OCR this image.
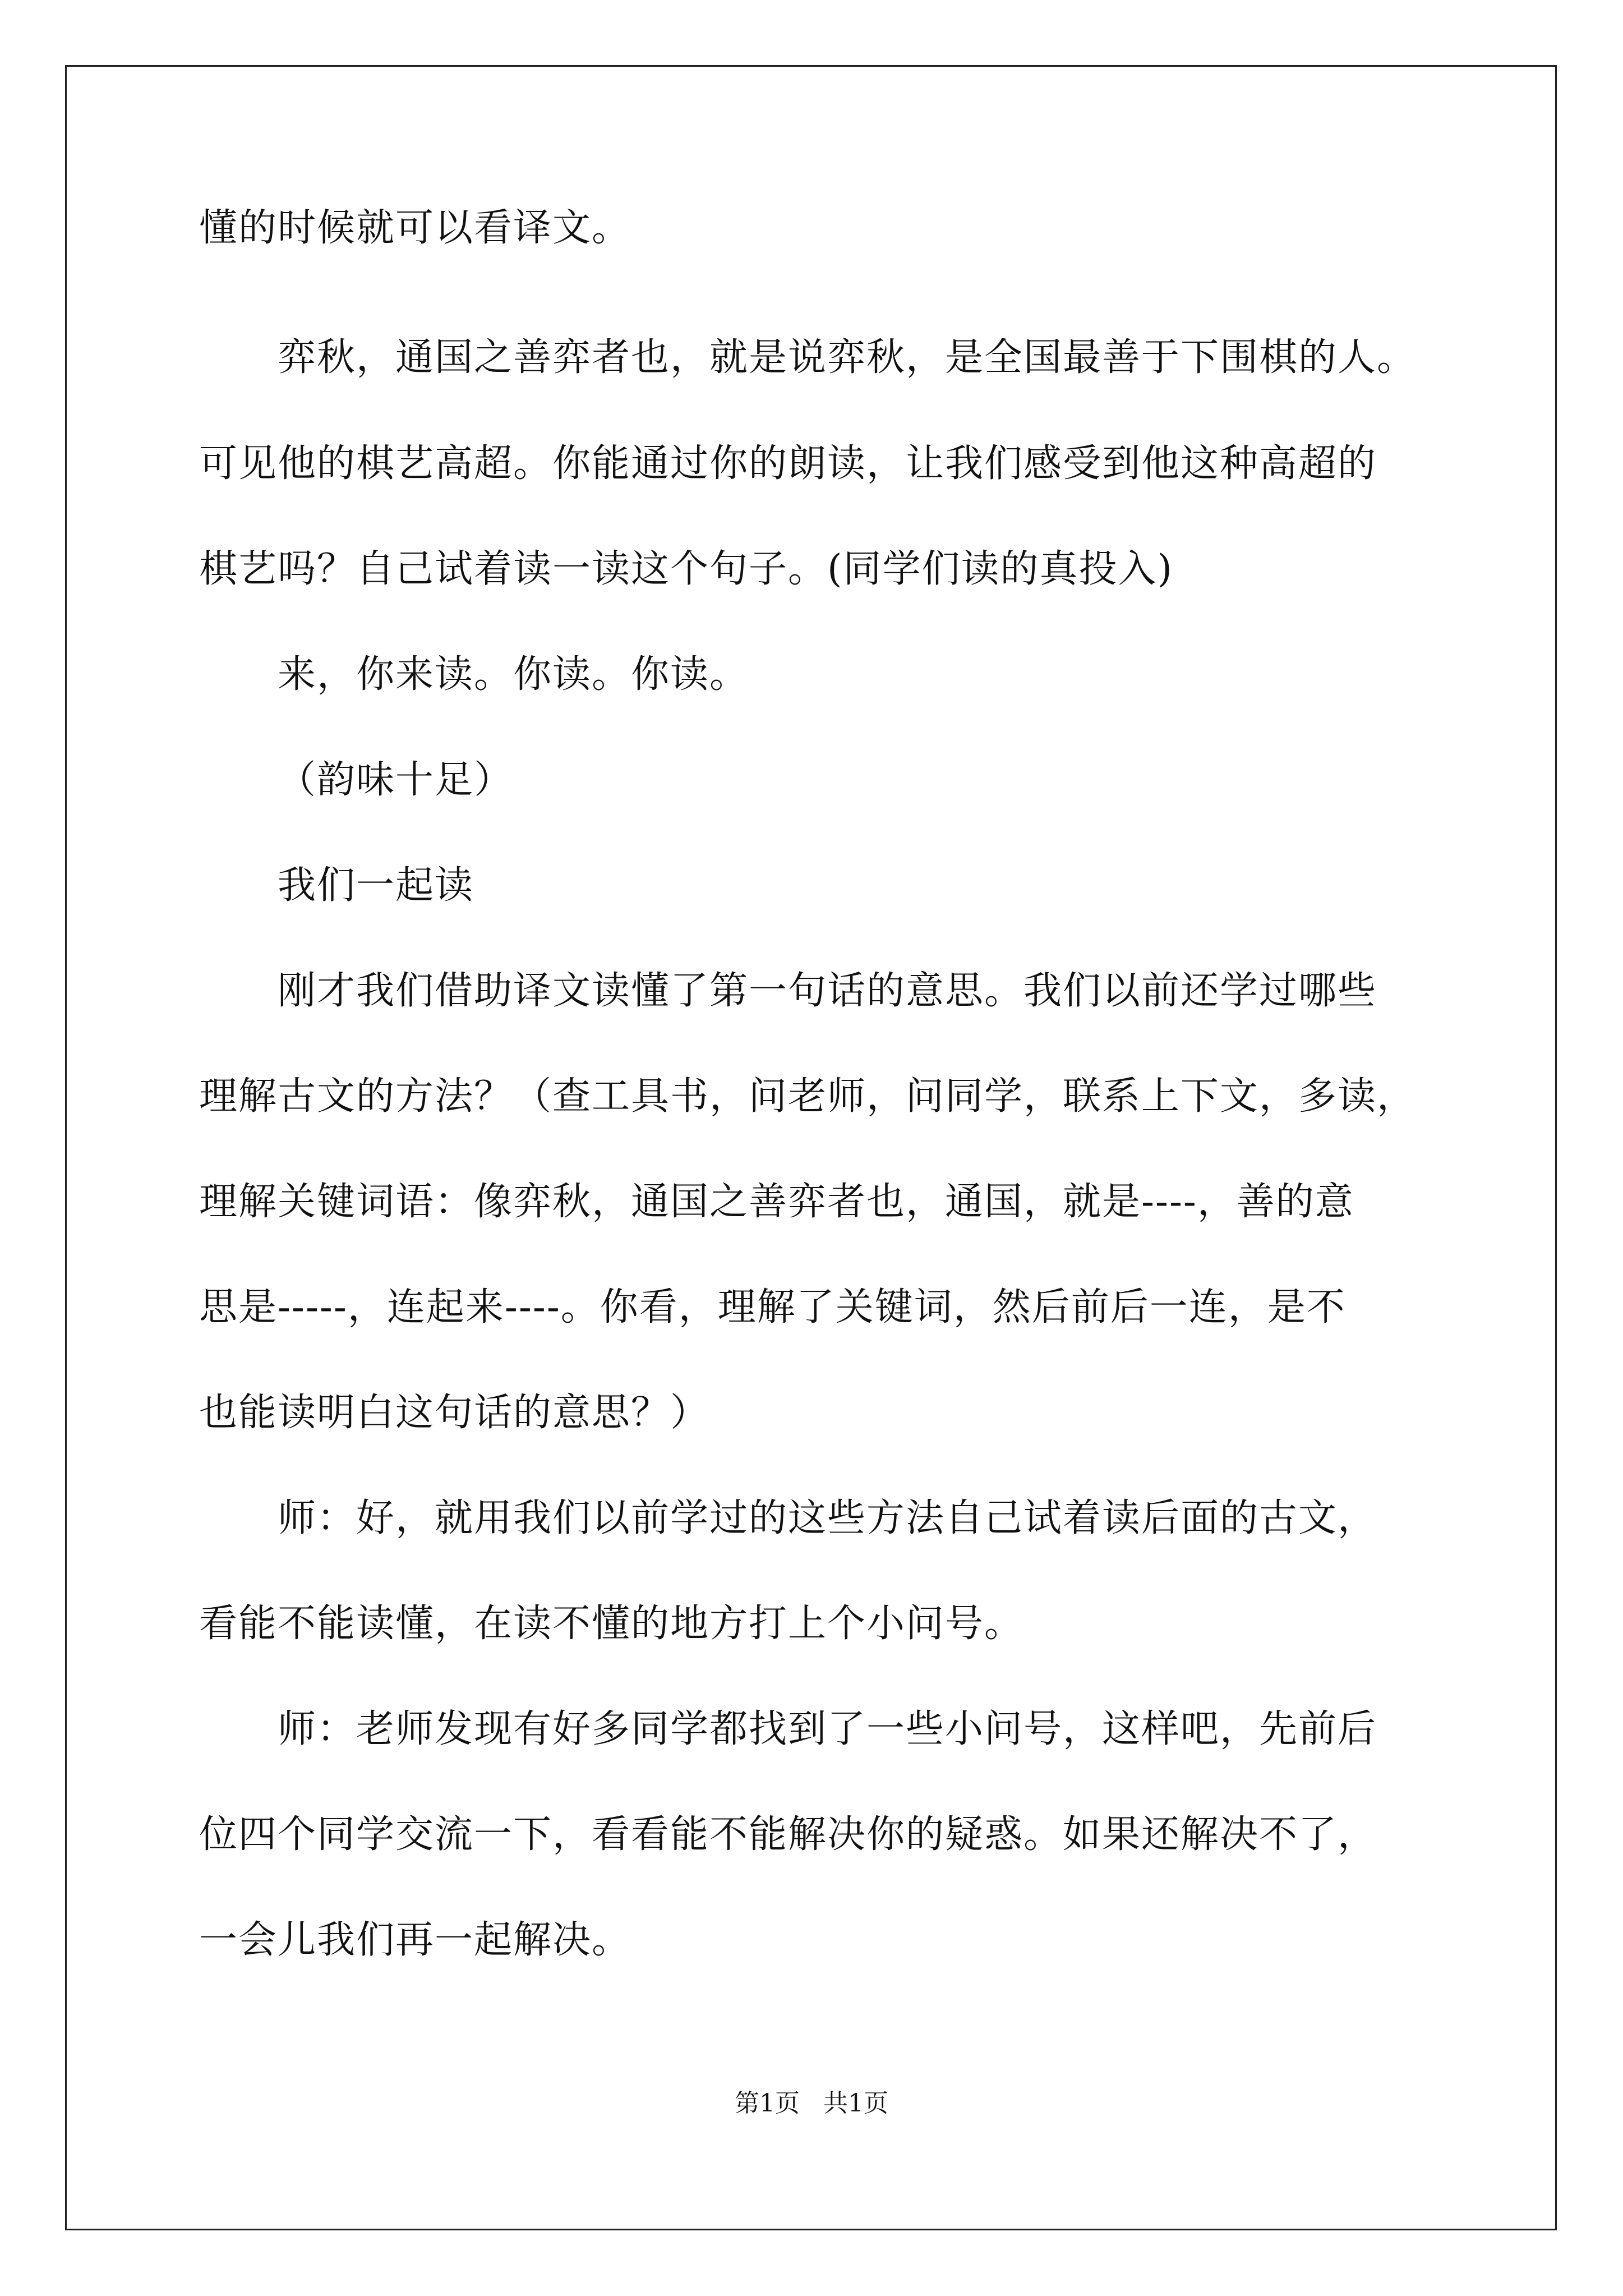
懂的时候就可以看译文。
弈秋，通国之善弈者也，就是说弈秋，是全国最善于下围棋的人。
可见他的棋艺高超。你能通过你的朗读，让我们感受到他这种高超的
棋艺吗？自己试着读一读这个句子。(同学们读的真投入)
来，你来读。你读。你读。
（韵味十足）
我们一起读
刚才我们借助译文读懂了第一句话的意思。我们以前还学过哪些
理解古文的方法？（查工具书，问老师，问同学，联系上下文，多读，
理解关键词语：像弈秋，通国之善弈者也，通国，就是----，善的意
思是-----，连起来----。你看，理解了关键词，然后前后一连，是不
也能读明白这句话的意思？）
师：好，就用我们以前学过的这些方法自己试着读后面的古文，
看能不能读懂，在读不懂的地方打上个小问号。
师：老师发现有好多同学都找到了一些小问号，这样吧，先前后
位四个同学交流一下，看看能不能解决你的疑惑。如果还解决不了，
一会儿我们再一起解决。
第1页   共1页
